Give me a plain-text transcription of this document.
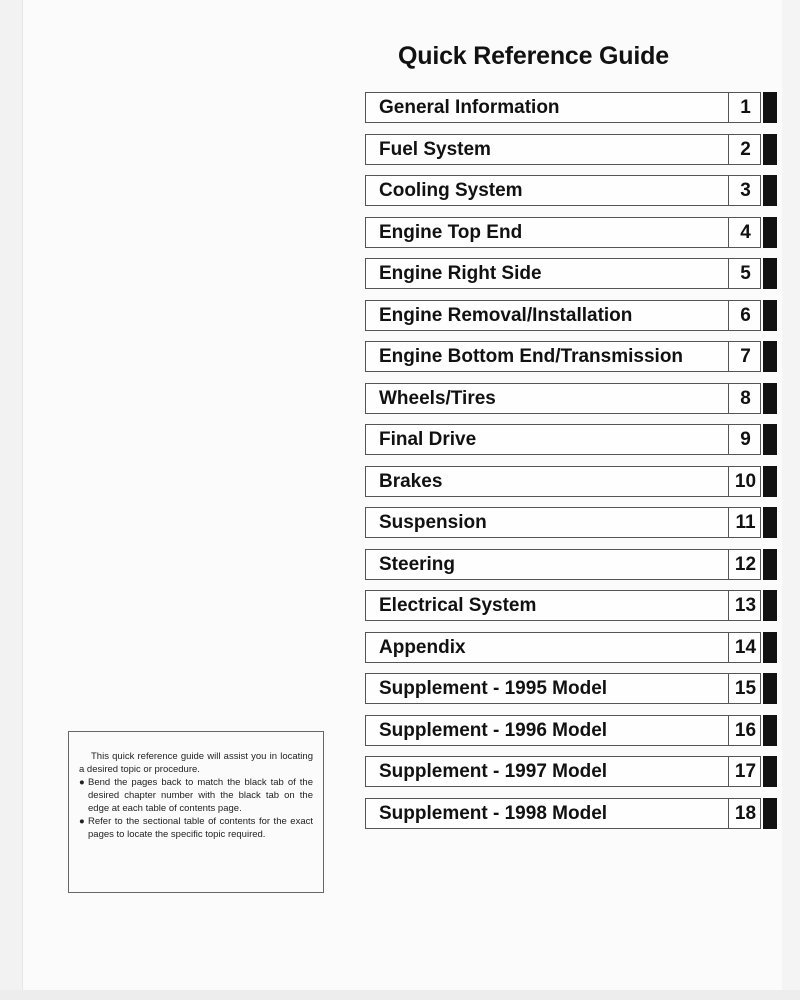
Quick Reference Guide
General Information	1
Fuel System	2
Cooling System	3
Engine Top End	4
Engine Right Side	5
Engine Removal/Installation	6
Engine Bottom End/Transmission	7
Wheels/Tires	8
Final Drive	9
Brakes	10
Suspension	11
Steering	12
Electrical System	13
Appendix	14
Supplement - 1995 Model	15
Supplement - 1996 Model	16
Supplement - 1997 Model	17
Supplement - 1998 Model	18
This quick reference guide will assist you in locating a desired topic or procedure.
● Bend the pages back to match the black tab of the desired chapter number with the black tab on the edge at each table of contents page.
● Refer to the sectional table of contents for the exact pages to locate the specific topic required.
